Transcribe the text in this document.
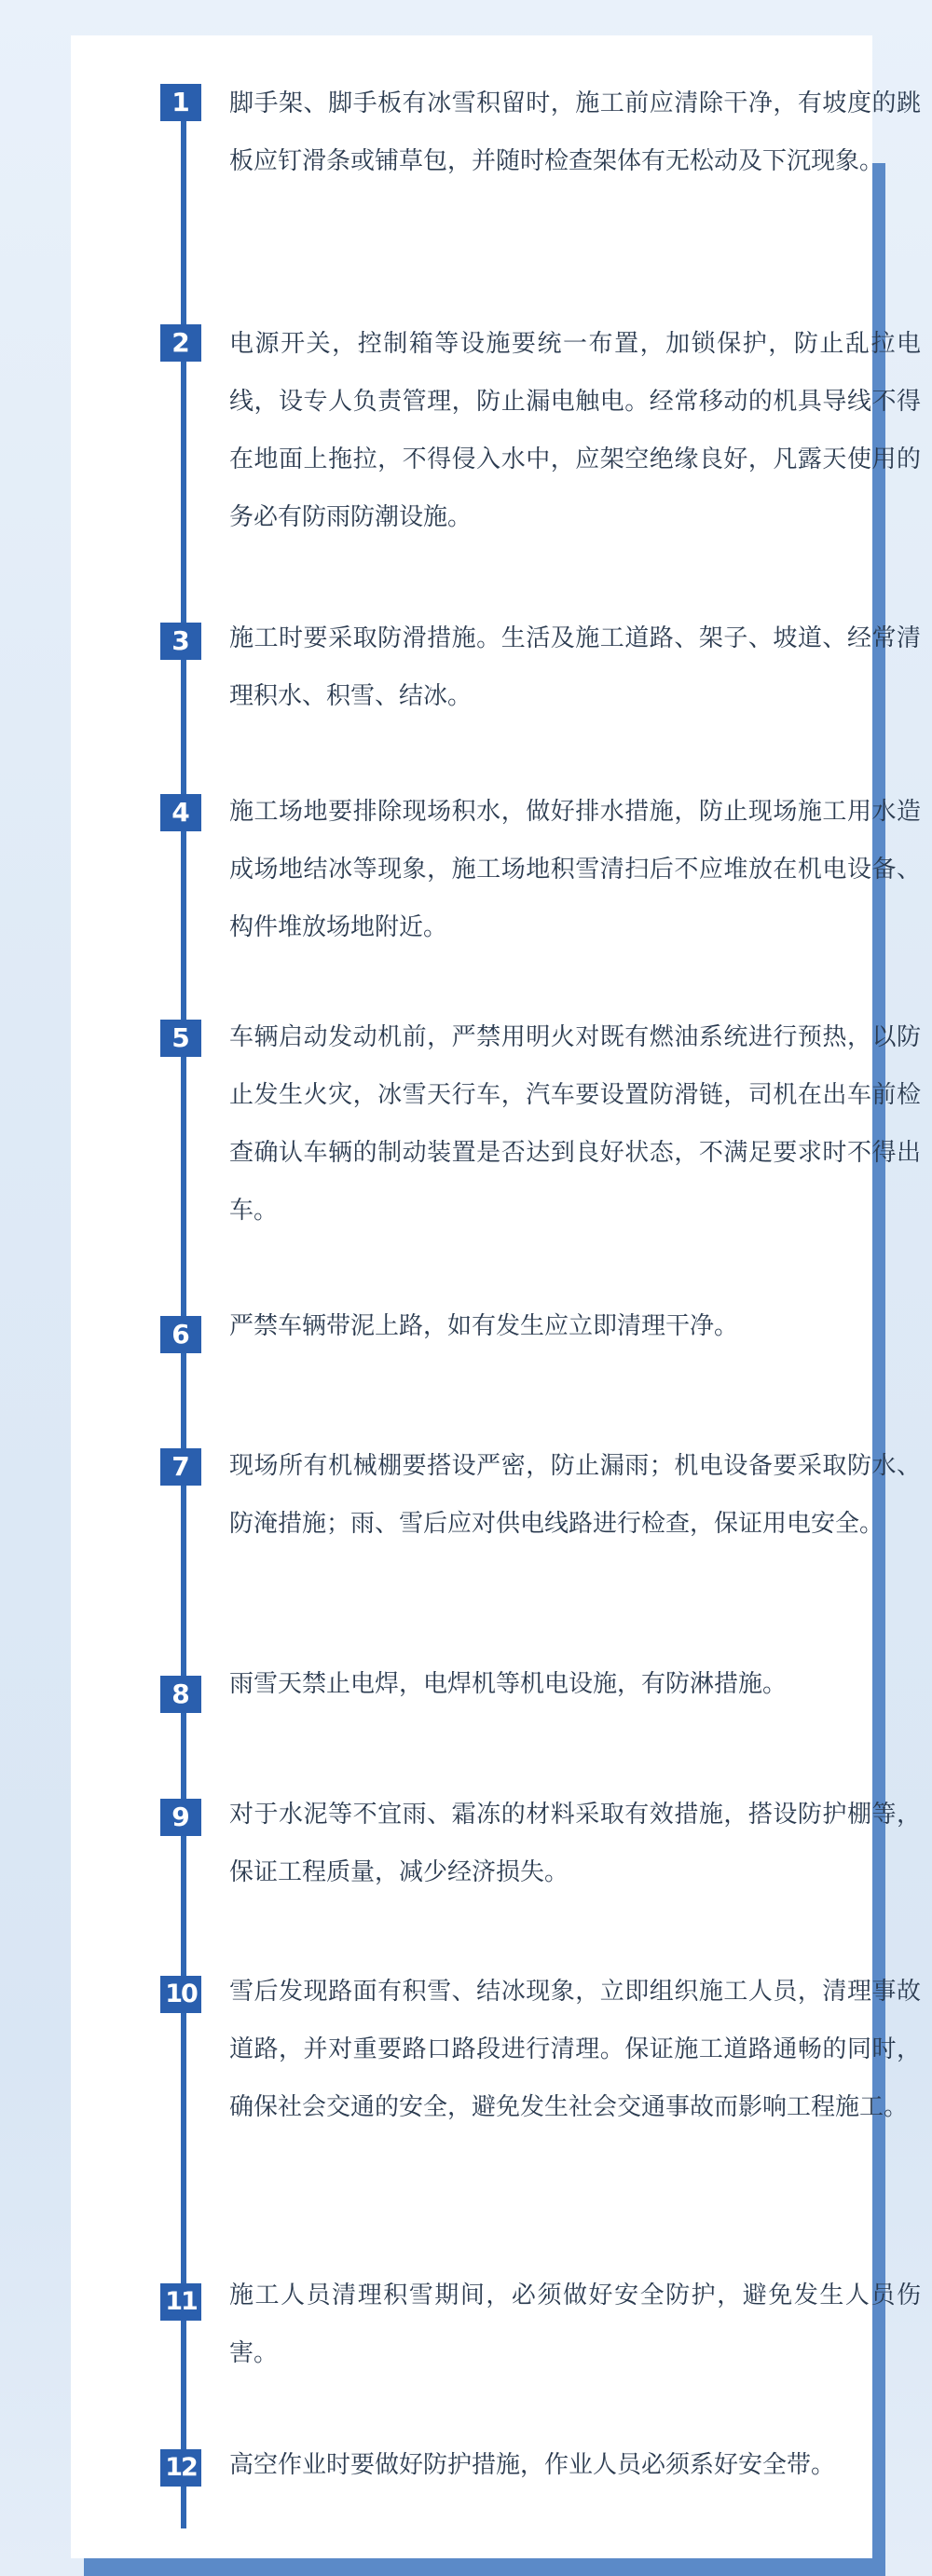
1	脚手架、脚手板有冰雪积留时，施工前应清除干净，有坡度的跳板应钉滑条或铺草包，并随时检查架体有无松动及下沉现象。

2	电源开关，控制箱等设施要统一布置，加锁保护，防止乱拉电线，设专人负责管理，防止漏电触电。经常移动的机具导线不得在地面上拖拉，不得侵入水中，应架空绝缘良好，凡露天使用的务必有防雨防潮设施。

3	施工时要采取防滑措施。生活及施工道路、架子、坡道、经常清理积水、积雪、结冰。

4	施工场地要排除现场积水，做好排水措施，防止现场施工用水造成场地结冰等现象，施工场地积雪清扫后不应堆放在机电设备、构件堆放场地附近。

5	车辆启动发动机前，严禁用明火对既有燃油系统进行预热，以防止发生火灾，冰雪天行车，汽车要设置防滑链，司机在出车前检查确认车辆的制动装置是否达到良好状态，不满足要求时不得出车。

6	严禁车辆带泥上路，如有发生应立即清理干净。

7	现场所有机械棚要搭设严密，防止漏雨；机电设备要采取防水、防淹措施；雨、雪后应对供电线路进行检查，保证用电安全。

8	雨雪天禁止电焊，电焊机等机电设施，有防淋措施。

9	对于水泥等不宜雨、霜冻的材料采取有效措施，搭设防护棚等，保证工程质量，减少经济损失。

10 雪后发现路面有积雪、结冰现象，立即组织施工人员，清理事故道路，并对重要路口路段进行清理。保证施工道路通畅的同时，确保社会交通的安全，避免发生社会交通事故而影响工程施工。

11 施工人员清理积雪期间，必须做好安全防护，避免发生人员伤害。

12 高空作业时要做好防护措施，作业人员必须系好安全带。
